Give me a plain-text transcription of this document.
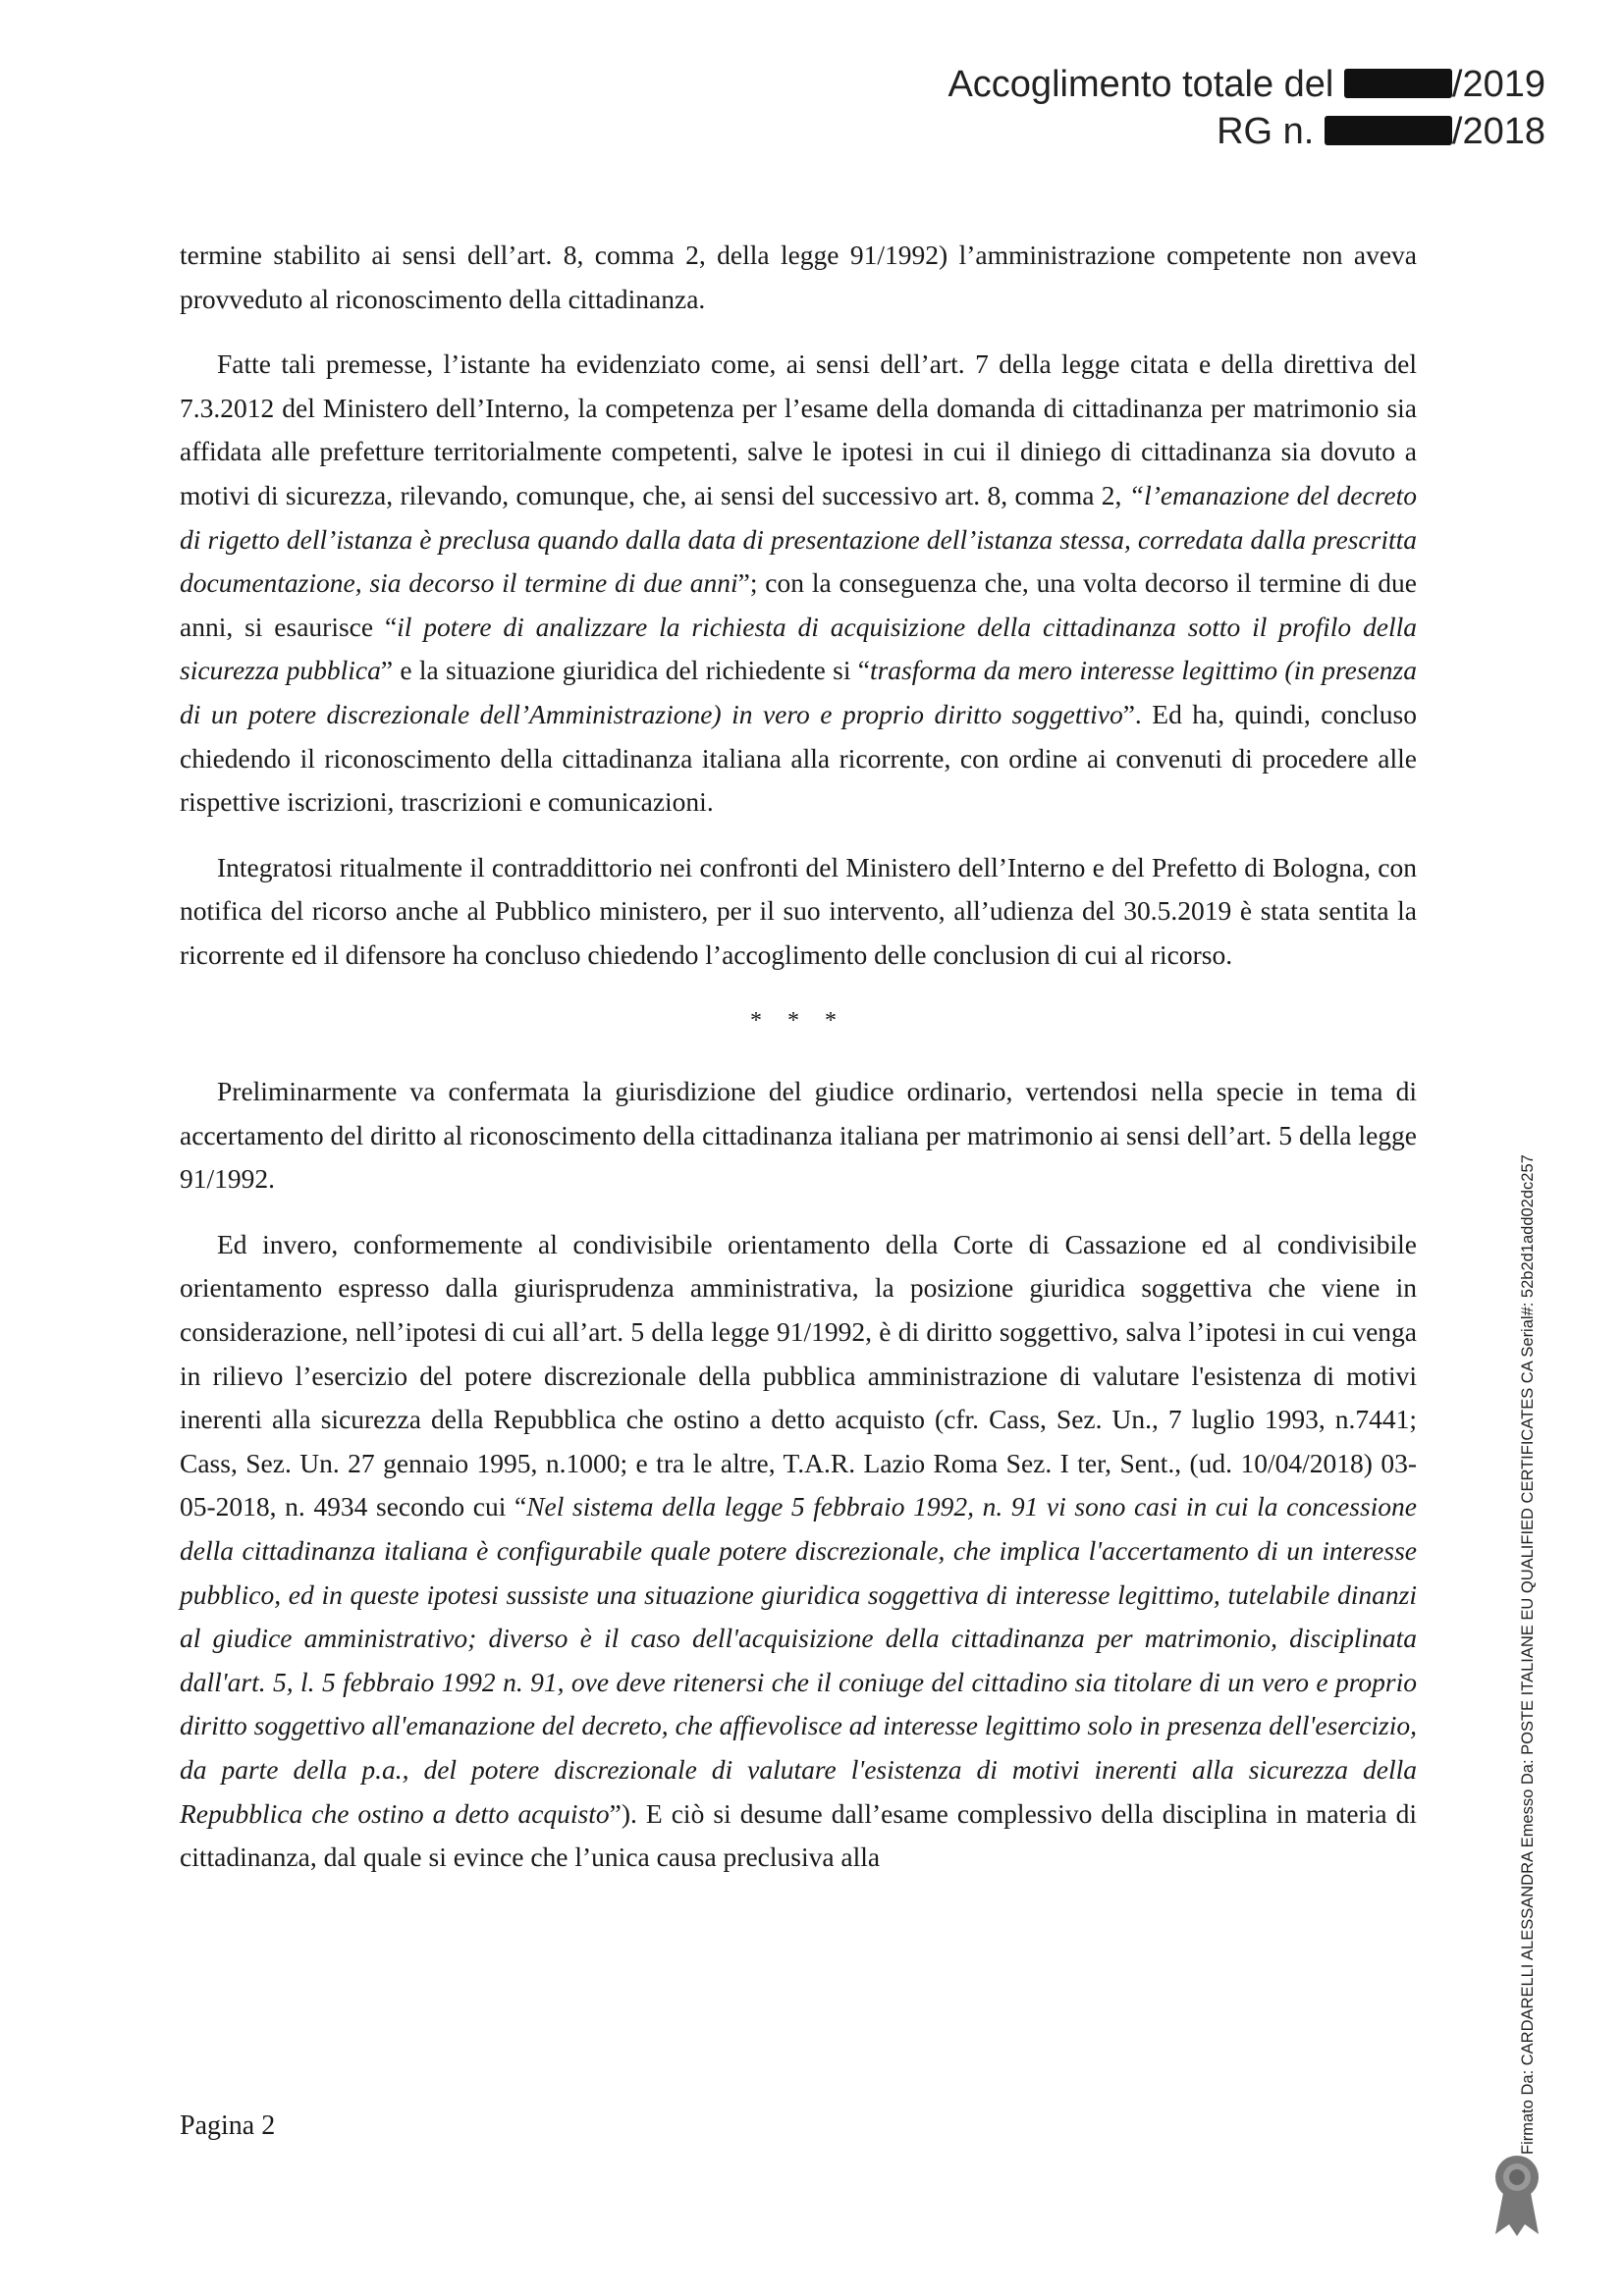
Accoglimento totale del	/2019
RG n.	/2018

termine stabilito ai sensi dell’art. 8, comma 2, della legge 91/1992) l’amministrazione competente non aveva provveduto al riconoscimento della cittadinanza.

Fatte tali premesse, l’istante ha evidenziato come, ai sensi dell’art. 7 della legge citata e della direttiva del 7.3.2012 del Ministero dell’Interno, la competenza per l’esame della domanda di cittadinanza per matrimonio sia affidata alle prefetture territorialmente competenti, salve le ipotesi in cui il diniego di cittadinanza sia dovuto a motivi di sicurezza, rilevando, comunque, che, ai sensi del successivo art. 8, comma 2, “l’emanazione del decreto di rigetto dell’istanza è preclusa quando dalla data di presentazione dell’istanza stessa, corredata dalla prescritta documentazione, sia decorso il termine di due anni”; con la conseguenza che, una volta decorso il termine di due anni, si esaurisce “il potere di analizzare la richiesta di acquisizione della cittadinanza sotto il profilo della sicurezza pubblica” e la situazione giuridica del richiedente si “trasforma da mero interesse legittimo (in presenza di un potere discrezionale dell’Amministrazione) in vero e proprio diritto soggettivo”. Ed ha, quindi, concluso chiedendo il riconoscimento della cittadinanza italiana alla ricorrente, con ordine ai convenuti di procedere alle rispettive iscrizioni, trascrizioni e comunicazioni.

Integratosi ritualmente il contraddittorio nei confronti del Ministero dell’Interno e del Prefetto di Bologna, con notifica del ricorso anche al Pubblico ministero, per il suo intervento, all’udienza del 30.5.2019 è stata sentita la ricorrente ed il difensore ha concluso chiedendo l’accoglimento delle conclusion di cui al ricorso.

* * *

Preliminarmente va confermata la giurisdizione del giudice ordinario, vertendosi nella specie in tema di accertamento del diritto al riconoscimento della cittadinanza italiana per matrimonio ai sensi dell’art. 5 della legge 91/1992.

Ed invero, conformemente al condivisibile orientamento della Corte di Cassazione ed al condivisibile orientamento espresso dalla giurisprudenza amministrativa, la posizione giuridica soggettiva che viene in considerazione, nell’ipotesi di cui all’art. 5 della legge 91/1992, è di diritto soggettivo, salva l’ipotesi in cui venga in rilievo l’esercizio del potere discrezionale della pubblica amministrazione di valutare l'esistenza di motivi inerenti alla sicurezza della Repubblica che ostino a detto acquisto (cfr. Cass, Sez. Un., 7 luglio 1993, n.7441; Cass, Sez. Un. 27 gennaio 1995, n.1000; e tra le altre, T.A.R. Lazio Roma Sez. I ter, Sent., (ud. 10/04/2018) 03-05-2018, n. 4934 secondo cui “Nel sistema della legge 5 febbraio 1992, n. 91 vi sono casi in cui la concessione della cittadinanza italiana è configurabile quale potere discrezionale, che implica l'accertamento di un interesse pubblico, ed in queste ipotesi sussiste una situazione giuridica soggettiva di interesse legittimo, tutelabile dinanzi al giudice amministrativo; diverso è il caso dell'acquisizione della cittadinanza per matrimonio, disciplinata dall'art. 5, l. 5 febbraio 1992 n. 91, ove deve ritenersi che il coniuge del cittadino sia titolare di un vero e proprio diritto soggettivo all'emanazione del decreto, che affievolisce ad interesse legittimo solo in presenza dell'esercizio, da parte della p.a., del potere discrezionale di valutare l'esistenza di motivi inerenti alla sicurezza della Repubblica che ostino a detto acquisto”). E ciò si desume dall’esame complessivo della disciplina in materia di cittadinanza, dal quale si evince che l’unica causa preclusiva alla

Pagina 2	Firmato Da: CARDARELLI ALESSANDRA Emesso Da: POSTE ITALIANE EU QUALIFIED CERTIFICATES CA Serial#: 52b2d1add02dc257
